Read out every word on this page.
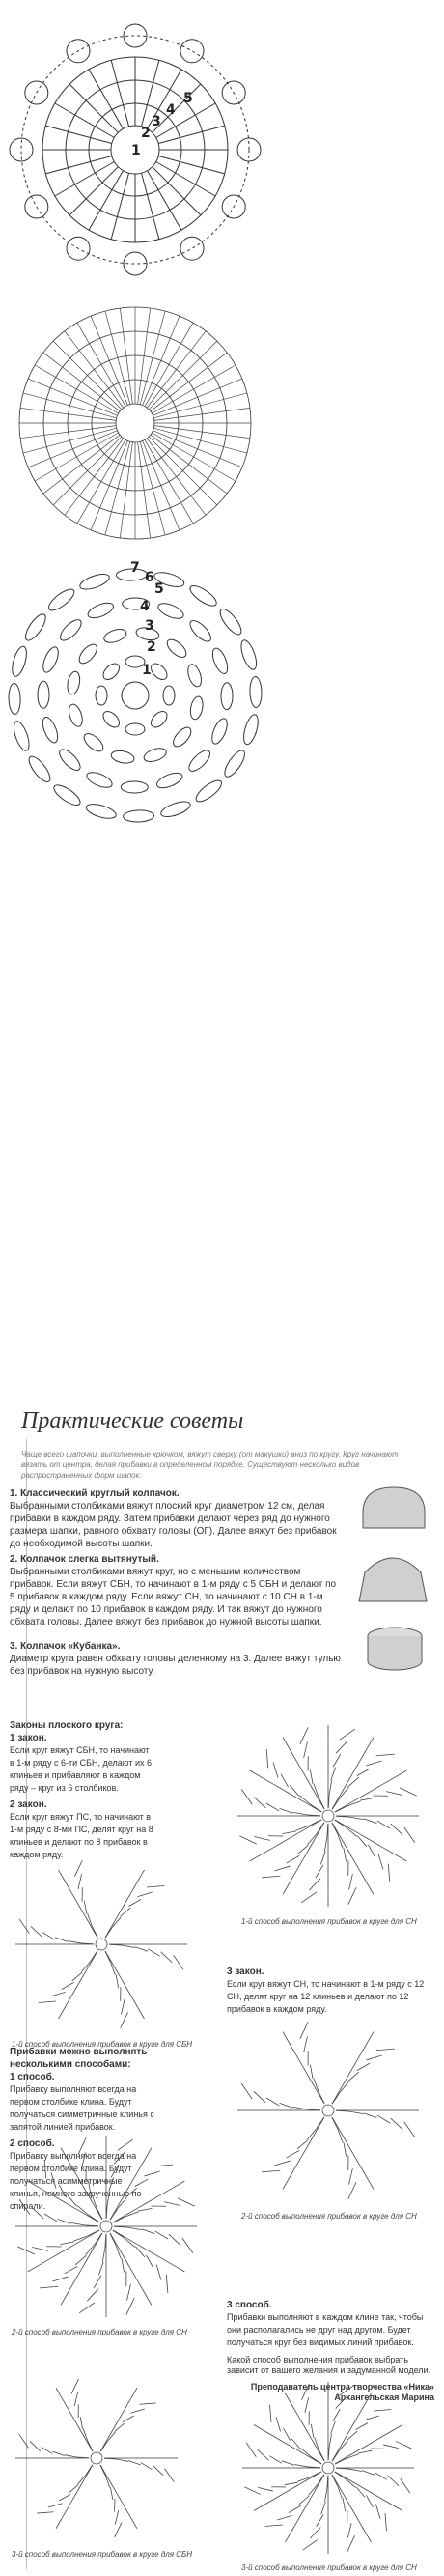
5
4
3
2
1
7
6
5
4
3
2
1
Практические советы
Чаще всего шапочки, выполненные крючком, вяжут сверху (от макушки) вниз по кругу. Круг начинают вязать от центра, делая прибавки в определенном порядке. Существуют несколько видов распространенных форм шапок:
1. Классический круглый колпачок.
Выбранными столбиками вяжут плоский круг диаметром 12 см, делая прибавки в каждом ряду. Затем прибавки делают через ряд до нужного размера шапки, равного обхвату головы (ОГ). Далее вяжут без прибавок до необходимой высоты шапки.
2. Колпачок слегка вытянутый.
Выбранными столбиками вяжут круг, но с меньшим количеством прибавок. Если вяжут СБН, то начинают в 1-м ряду с 5 СБН и делают по 5 прибавок в каждом ряду. Если вяжут СН, то начинают с 10 СН в 1-м ряду и делают по 10 прибавок в каждом ряду. И так вяжут до нужного обхвата головы. Далее вяжут без прибавок до нужной высоты шапки.
3. Колпачок «Кубанка».
Диаметр круга равен обхвату головы деленному на 3. Далее вяжут тулью без прибавок на нужную высоту.
Законы плоского круга:
1 закон.
Если круг вяжут СБН, то начинают в 1-м ряду с 6-ти СБН, делают их 6 клиньев и прибавляют в каждом ряду – круг из 6 столбиков.
2 закон.
Если круг вяжут ПС, то начинают в 1-м ряду с 8-ми ПС, делят круг на 8 клиньев и делают по 8 прибавок в каждом ряду.
3 закон.
Если круг вяжут СН, то начинают в 1-м ряду с 12 СН, делят круг на 12 клиньев и делают по 12 прибавок в каждом ряду.
Прибавки можно выполнять несколькими способами:
1 способ.
Прибавку выполняют всегда на первом столбике клина. Будут получаться симметричные клинья с запятой линией прибавок.
2 способ.
Прибавку выполняют всегда на первом столбике клина. Будут получаться асимметричные клинья, немного закрученные по спирали.
3 способ.
Прибавки выполняют в каждом клине так, чтобы они располагались не друг над другом. Будет получаться круг без видимых линий прибавок.
Какой способ выполнения прибавок выбрать зависит от вашего желания и задуманной модели.
Преподаватель центра творчества «Ника» Архангельская Марина
1-й способ выполнения прибавок в круге для СН
1-й способ выполнения прибавок в круге для СБН
2-й способ выполнения прибавок в круге для СН
2-й способ выполнения прибавок в круге для СН
3-й способ выполнения прибавок в круге для СБН
3-й способ выполнения прибавок в круге для СН
